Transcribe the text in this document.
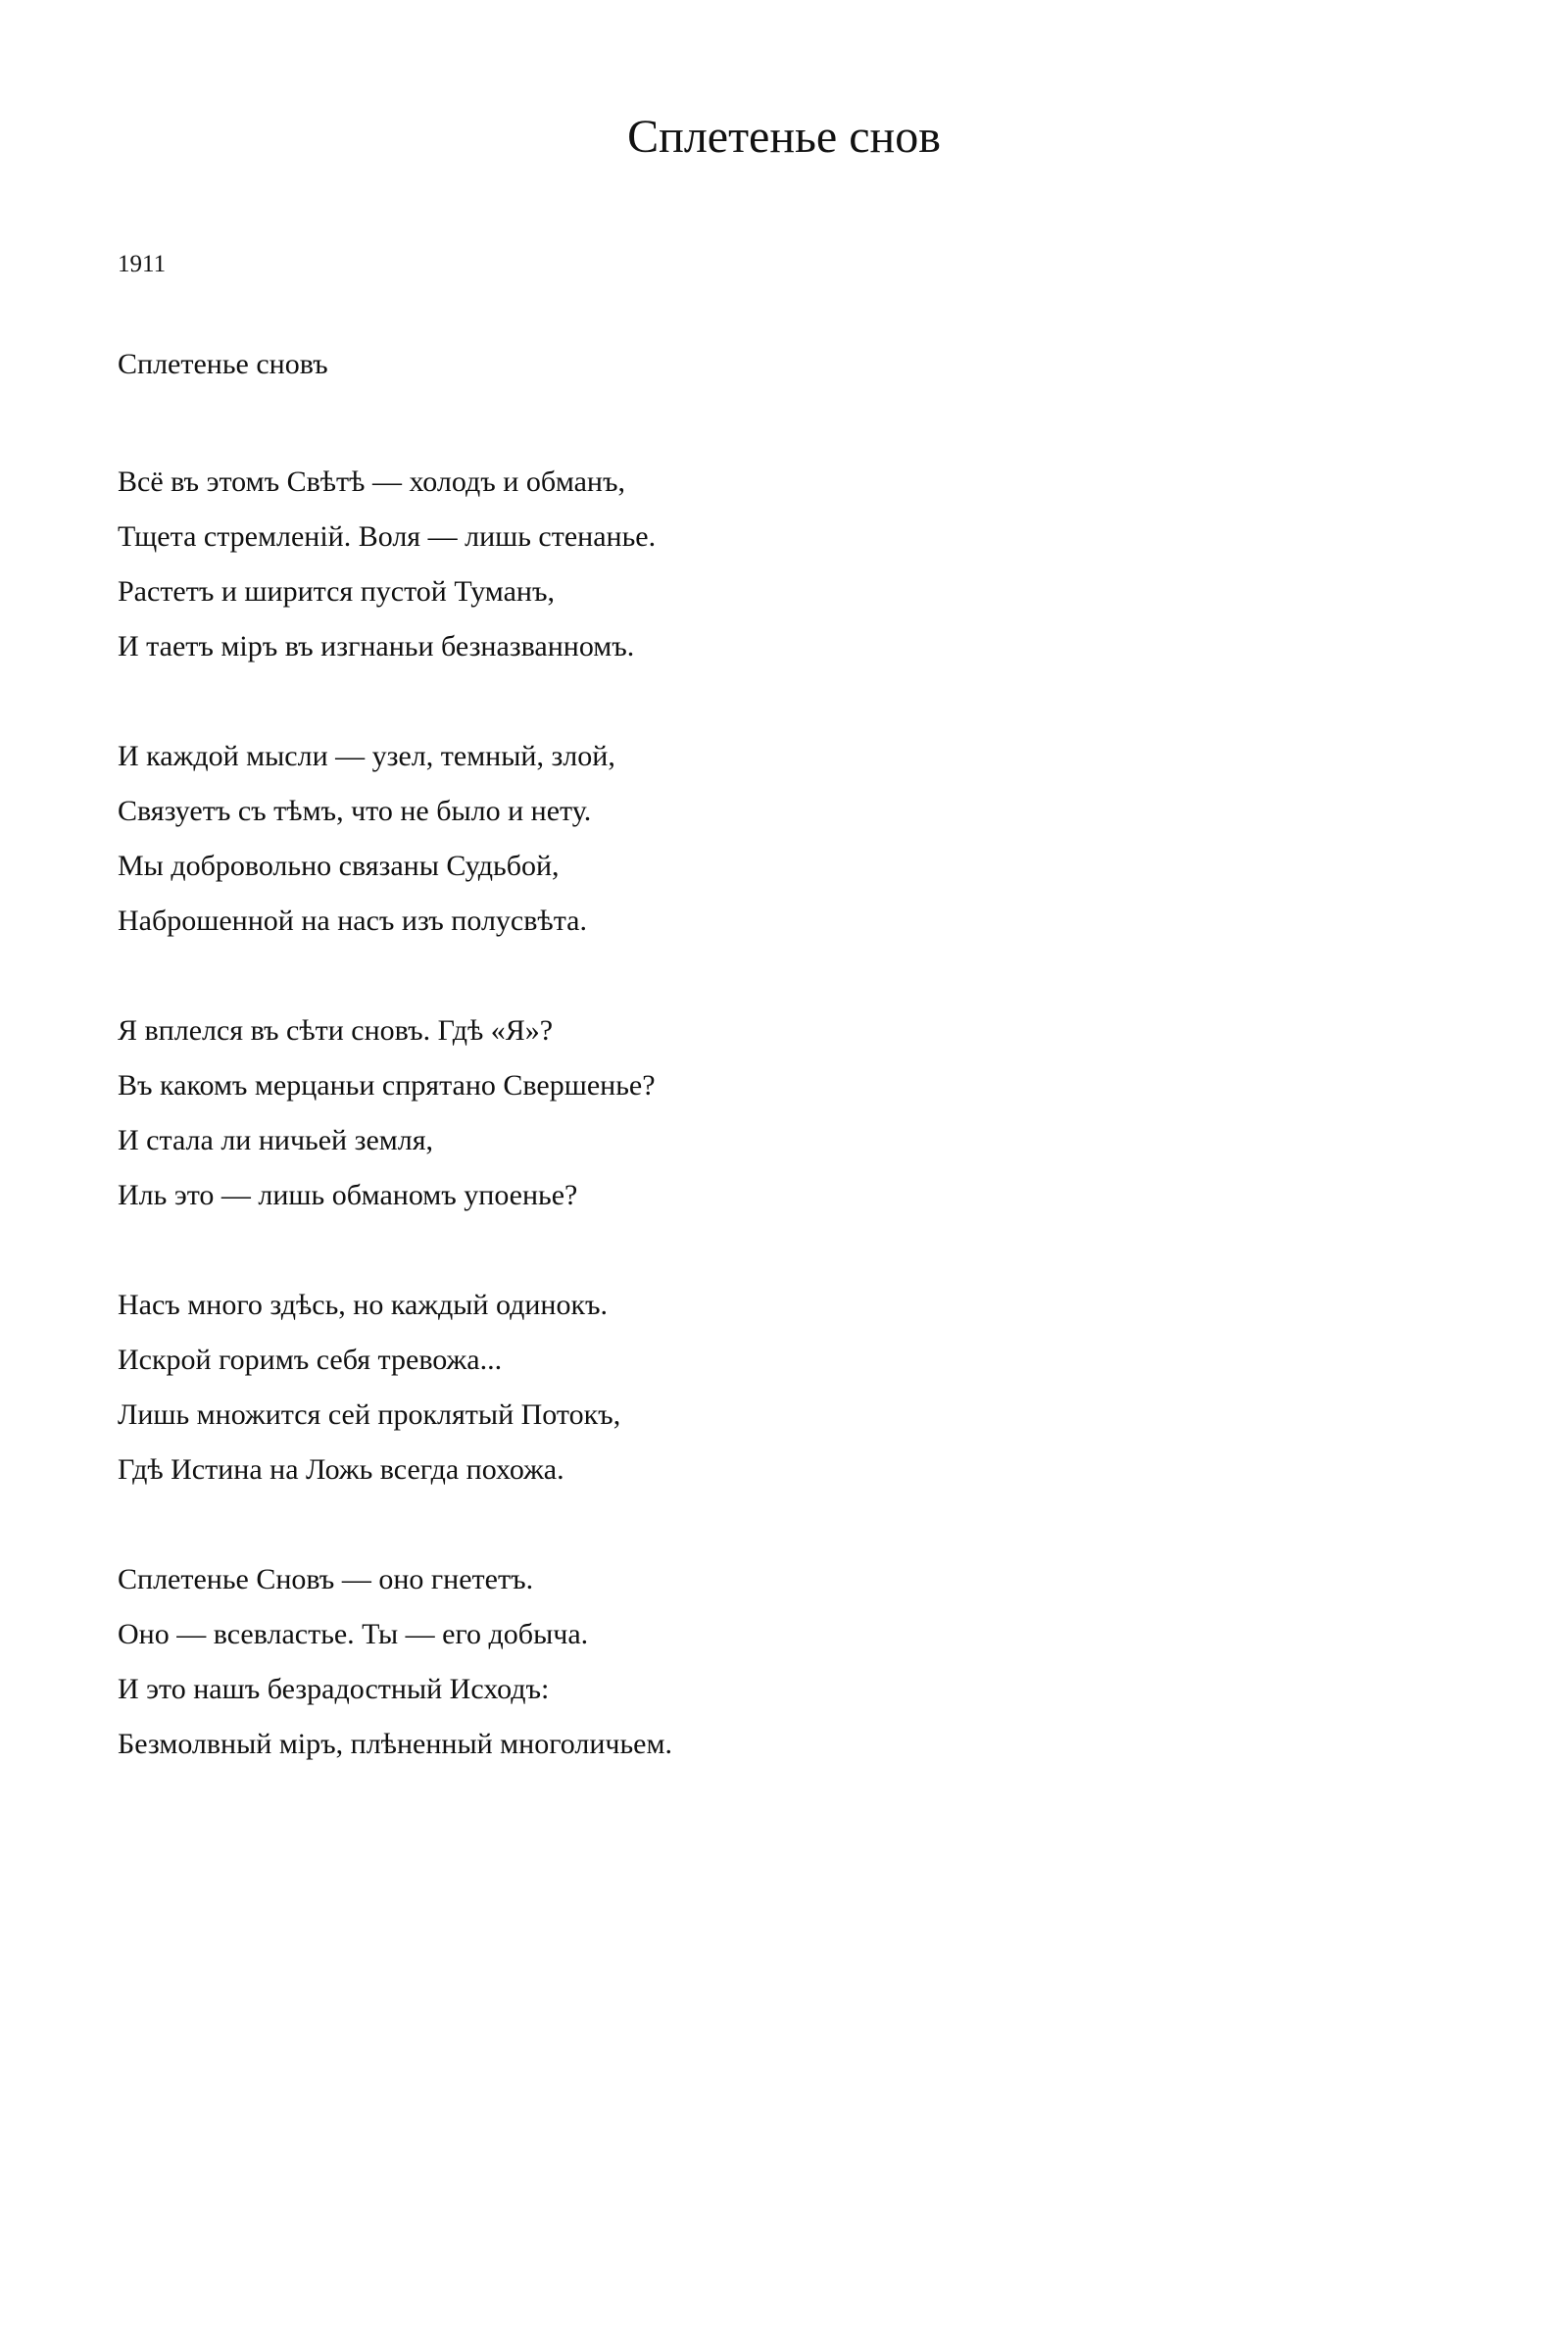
Сплетенье снов
1911
Сплетенье сновъ
Всё въ этомъ Свѣтѣ — холодъ и обманъ,
Тщета стремленій. Воля — лишь стенанье.
Растетъ и ширится пустой Туманъ,
И таетъ міръ въ изгнаньи безназванномъ.
И каждой мысли — узел, темный, злой,
Связуетъ съ тѣмъ, что не было и нету.
Мы добровольно связаны Судьбой,
Наброшенной на насъ изъ полусвѣта.
Я вплелся въ сѣти сновъ. Гдѣ «Я»?
Въ какомъ мерцаньи спрятано Свершенье?
И стала ли ничьей земля,
Иль это — лишь обманомъ упоенье?
Насъ много здѣсь, но каждый одинокъ.
Искрой горимъ себя тревожа...
Лишь множится сей проклятый Потокъ,
Гдѣ Истина на Ложь всегда похожа.
Сплетенье Сновъ — оно гнететъ.
Оно — всевластье. Ты — его добыча.
И это нашъ безрадостный Исходъ:
Безмолвный міръ, плѣненный многоличьем.
